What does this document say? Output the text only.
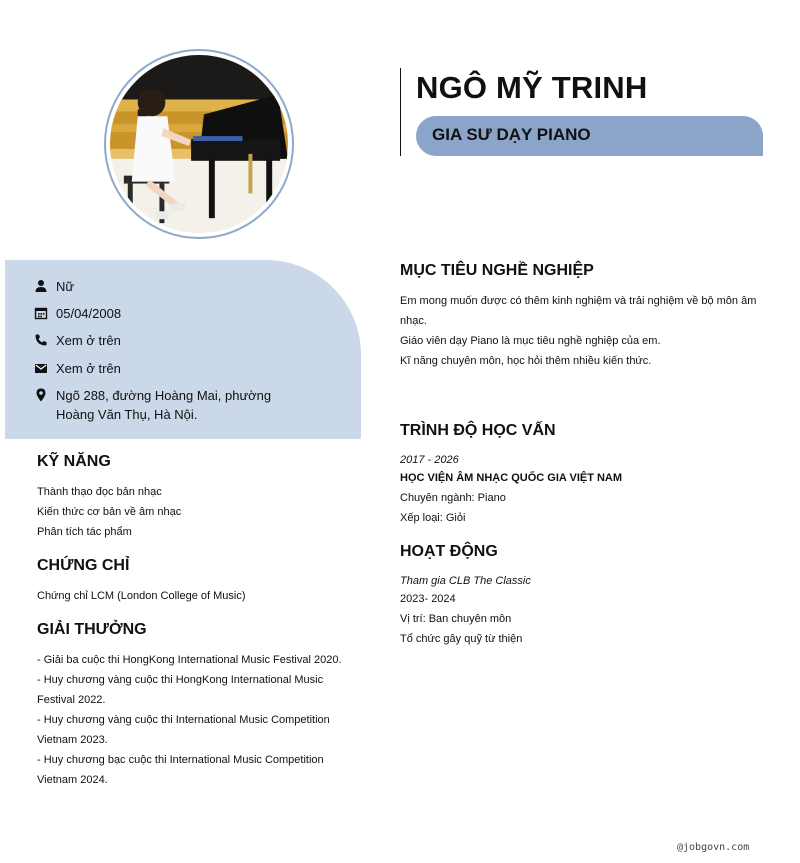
NGÔ MỸ TRINH
GIA SƯ DẠY PIANO
Nữ
05/04/2008
Xem ở trên
Xem ở trên
Ngõ 288, đường Hoàng Mai, phường Hoàng Văn Thụ, Hà Nội.
KỸ NĂNG
Thành thạo đọc bản nhạc
Kiến thức cơ bản về âm nhạc
Phân tích tác phẩm
CHỨNG CHỈ
Chứng chỉ LCM (London College of Music)
GIẢI THƯỞNG
- Giải ba cuộc thi HongKong International Music Festival 2020.
- Huy chương vàng cuộc thi HongKong International Music Festival 2022.
- Huy chương vàng cuộc thi International Music Competition Vietnam 2023.
- Huy chương bạc cuộc thi International Music Competition Vietnam 2024.
MỤC TIÊU NGHỀ NGHIỆP
Em mong muốn được có thêm kinh nghiệm và trải nghiệm về bộ môn âm nhạc.
Giáo viên dạy Piano là mục tiêu nghề nghiệp của em.
Kĩ năng chuyên môn, học hỏi thêm nhiều kiến thức.
TRÌNH ĐỘ HỌC VẤN
2017 - 2026
HỌC VIỆN ÂM NHẠC QUỐC GIA VIỆT NAM
Chuyên ngành: Piano
Xếp loại: Giỏi
HOẠT ĐỘNG
Tham gia CLB The Classic
2023- 2024
Vị trí: Ban chuyên môn
Tổ chức gây quỹ từ thiện
@jobgovn.com
